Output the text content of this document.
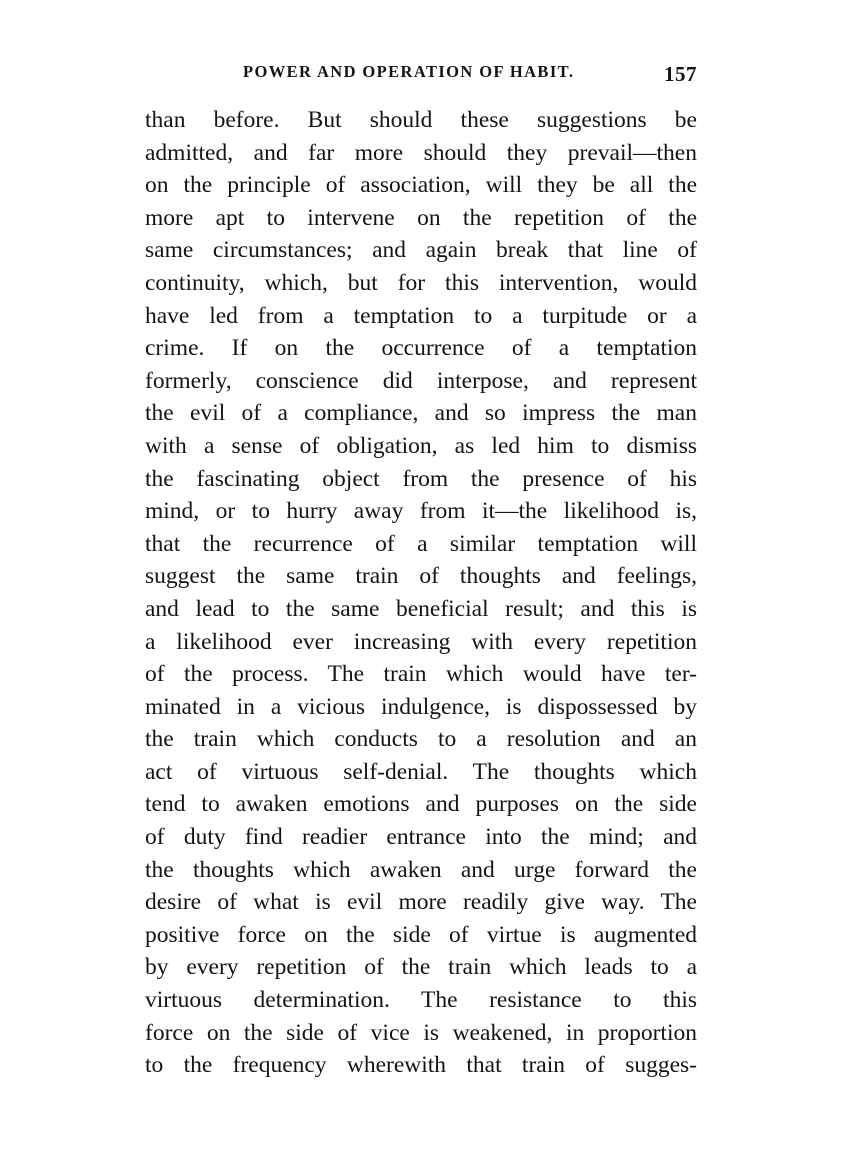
POWER AND OPERATION OF HABIT.	157
than before. But should these suggestions be
admitted, and far more should they prevail—then
on the principle of association, will they be all the
more apt to intervene on the repetition of the
same circumstances; and again break that line of
continuity, which, but for this intervention, would
have led from a temptation to a turpitude or a
crime. If on the occurrence of a temptation
formerly, conscience did interpose, and represent
the evil of a compliance, and so impress the man
with a sense of obligation, as led him to dismiss
the fascinating object from the presence of his
mind, or to hurry away from it—the likelihood is,
that the recurrence of a similar temptation will
suggest the same train of thoughts and feelings,
and lead to the same beneficial result; and this is
a likelihood ever increasing with every repetition
of the process. The train which would have ter-
minated in a vicious indulgence, is dispossessed by
the train which conducts to a resolution and an
act of virtuous self-denial. The thoughts which
tend to awaken emotions and purposes on the side
of duty find readier entrance into the mind; and
the thoughts which awaken and urge forward the
desire of what is evil more readily give way. The
positive force on the side of virtue is augmented
by every repetition of the train which leads to a
virtuous determination. The resistance to this
force on the side of vice is weakened, in proportion
to the frequency wherewith that train of sugges-
